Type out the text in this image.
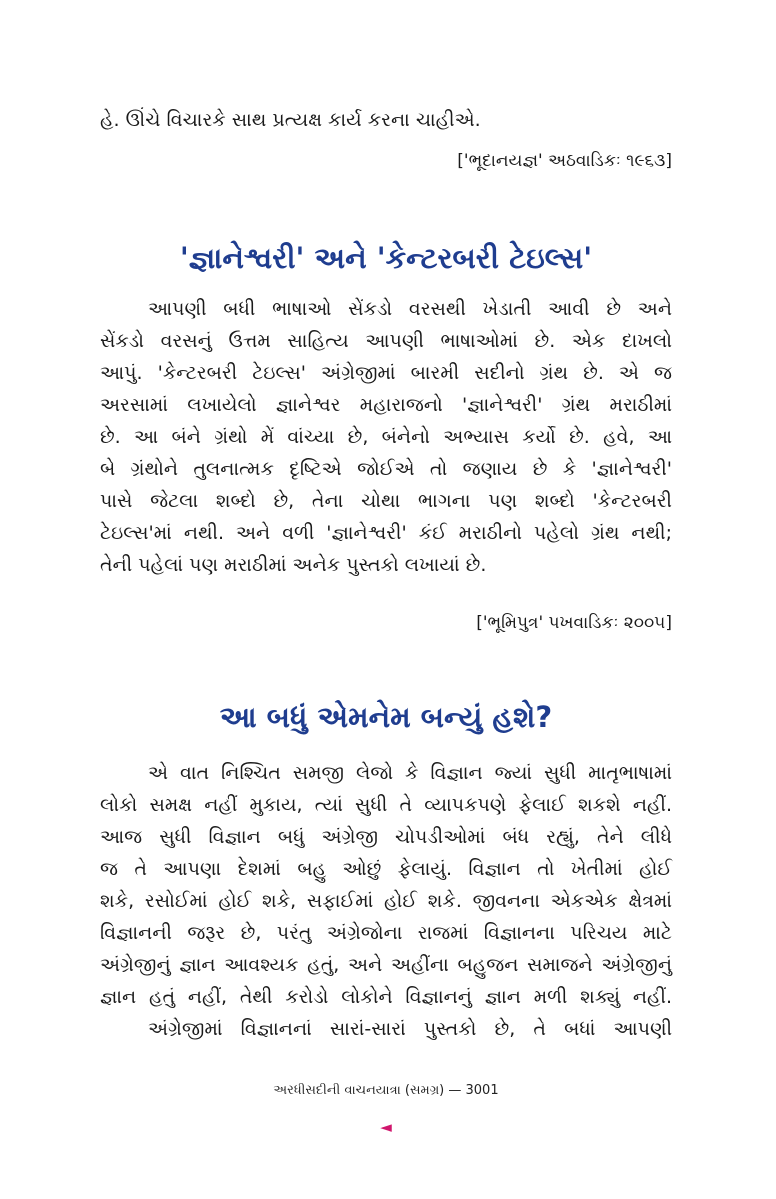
હે. ઊંચે વિચારકે સાથ પ્રત્યક્ષ કાર્ય કરના ચાહીએ.
['ભૂદાનયજ્ઞ' અઠવાડિકઃ ૧૯૬૩]
'જ્ઞાનેશ્વરી' અને 'કેન્ટરબરી ટેઇલ્સ'
આપણી બધી ભાષાઓ સેંકડો વરસથી ખેડાતી આવી છે અને
સેંકડો વરસનું ઉત્તમ સાહિત્ય આપણી ભાષાઓમાં છે. એક દાખલો
આપું. 'કેન્ટરબરી ટેઇલ્સ' અંગ્રેજીમાં બારમી સદીનો ગ્રંથ છે. એ જ
અરસામાં લખાયેલો જ્ઞાનેશ્વર મહારાજનો 'જ્ઞાનેશ્વરી' ગ્રંથ મરાઠીમાં
છે. આ બંને ગ્રંથો મેં વાંચ્યા છે, બંનેનો અભ્યાસ કર્યો છે. હવે, આ
બે ગ્રંથોને તુલનાત્મક દૃષ્ટિએ જોઈએ તો જણાય છે કે 'જ્ઞાનેશ્વરી'
પાસે જેટલા શબ્દો છે, તેના ચોથા ભાગના પણ શબ્દો 'કેન્ટરબરી
ટેઇલ્સ'માં નથી. અને વળી 'જ્ઞાનેશ્વરી' કંઈ મરાઠીનો પહેલો ગ્રંથ નથી;
તેની પહેલાં પણ મરાઠીમાં અનેક પુસ્તકો લખાયાં છે.
['ભૂમિપુત્ર' પખવાડિકઃ ૨૦૦૫]
આ બધું એમનેમ બન્યું હશે?
એ વાત નિશ્ચિત સમજી લેજો કે વિજ્ઞાન જ્યાં સુધી માતૃભાષામાં
લોકો સમક્ષ નહીં મુકાય, ત્યાં સુધી તે વ્યાપકપણે ફેલાઈ શકશે નહીં.
આજ સુધી વિજ્ઞાન બધું અંગ્રેજી ચોપડીઓમાં બંધ રહ્યું, તેને લીધે
જ તે આપણા દેશમાં બહુ ઓછું ફેલાયું. વિજ્ઞાન તો ખેતીમાં હોઈ
શકે, રસોઈમાં હોઈ શકે, સફાઈમાં હોઈ શકે. જીવનના એકએક ક્ષેત્રમાં
વિજ્ઞાનની જરૂર છે, પરંતુ અંગ્રેજોના રાજમાં વિજ્ઞાનના પરિચય માટે
અંગ્રેજીનું જ્ઞાન આવશ્યક હતું, અને અહીંના બહુજન સમાજને અંગ્રેજીનું
જ્ઞાન હતું નહીં, તેથી કરોડો લોકોને વિજ્ઞાનનું જ્ઞાન મળી શક્યું નહીં.
અંગ્રેજીમાં વિજ્ઞાનનાં સારાં-સારાં પુસ્તકો છે, તે બધાં આપણી
અરધીસદીની વાચનયાત્રા (સમગ્ર) — 3001
◄
